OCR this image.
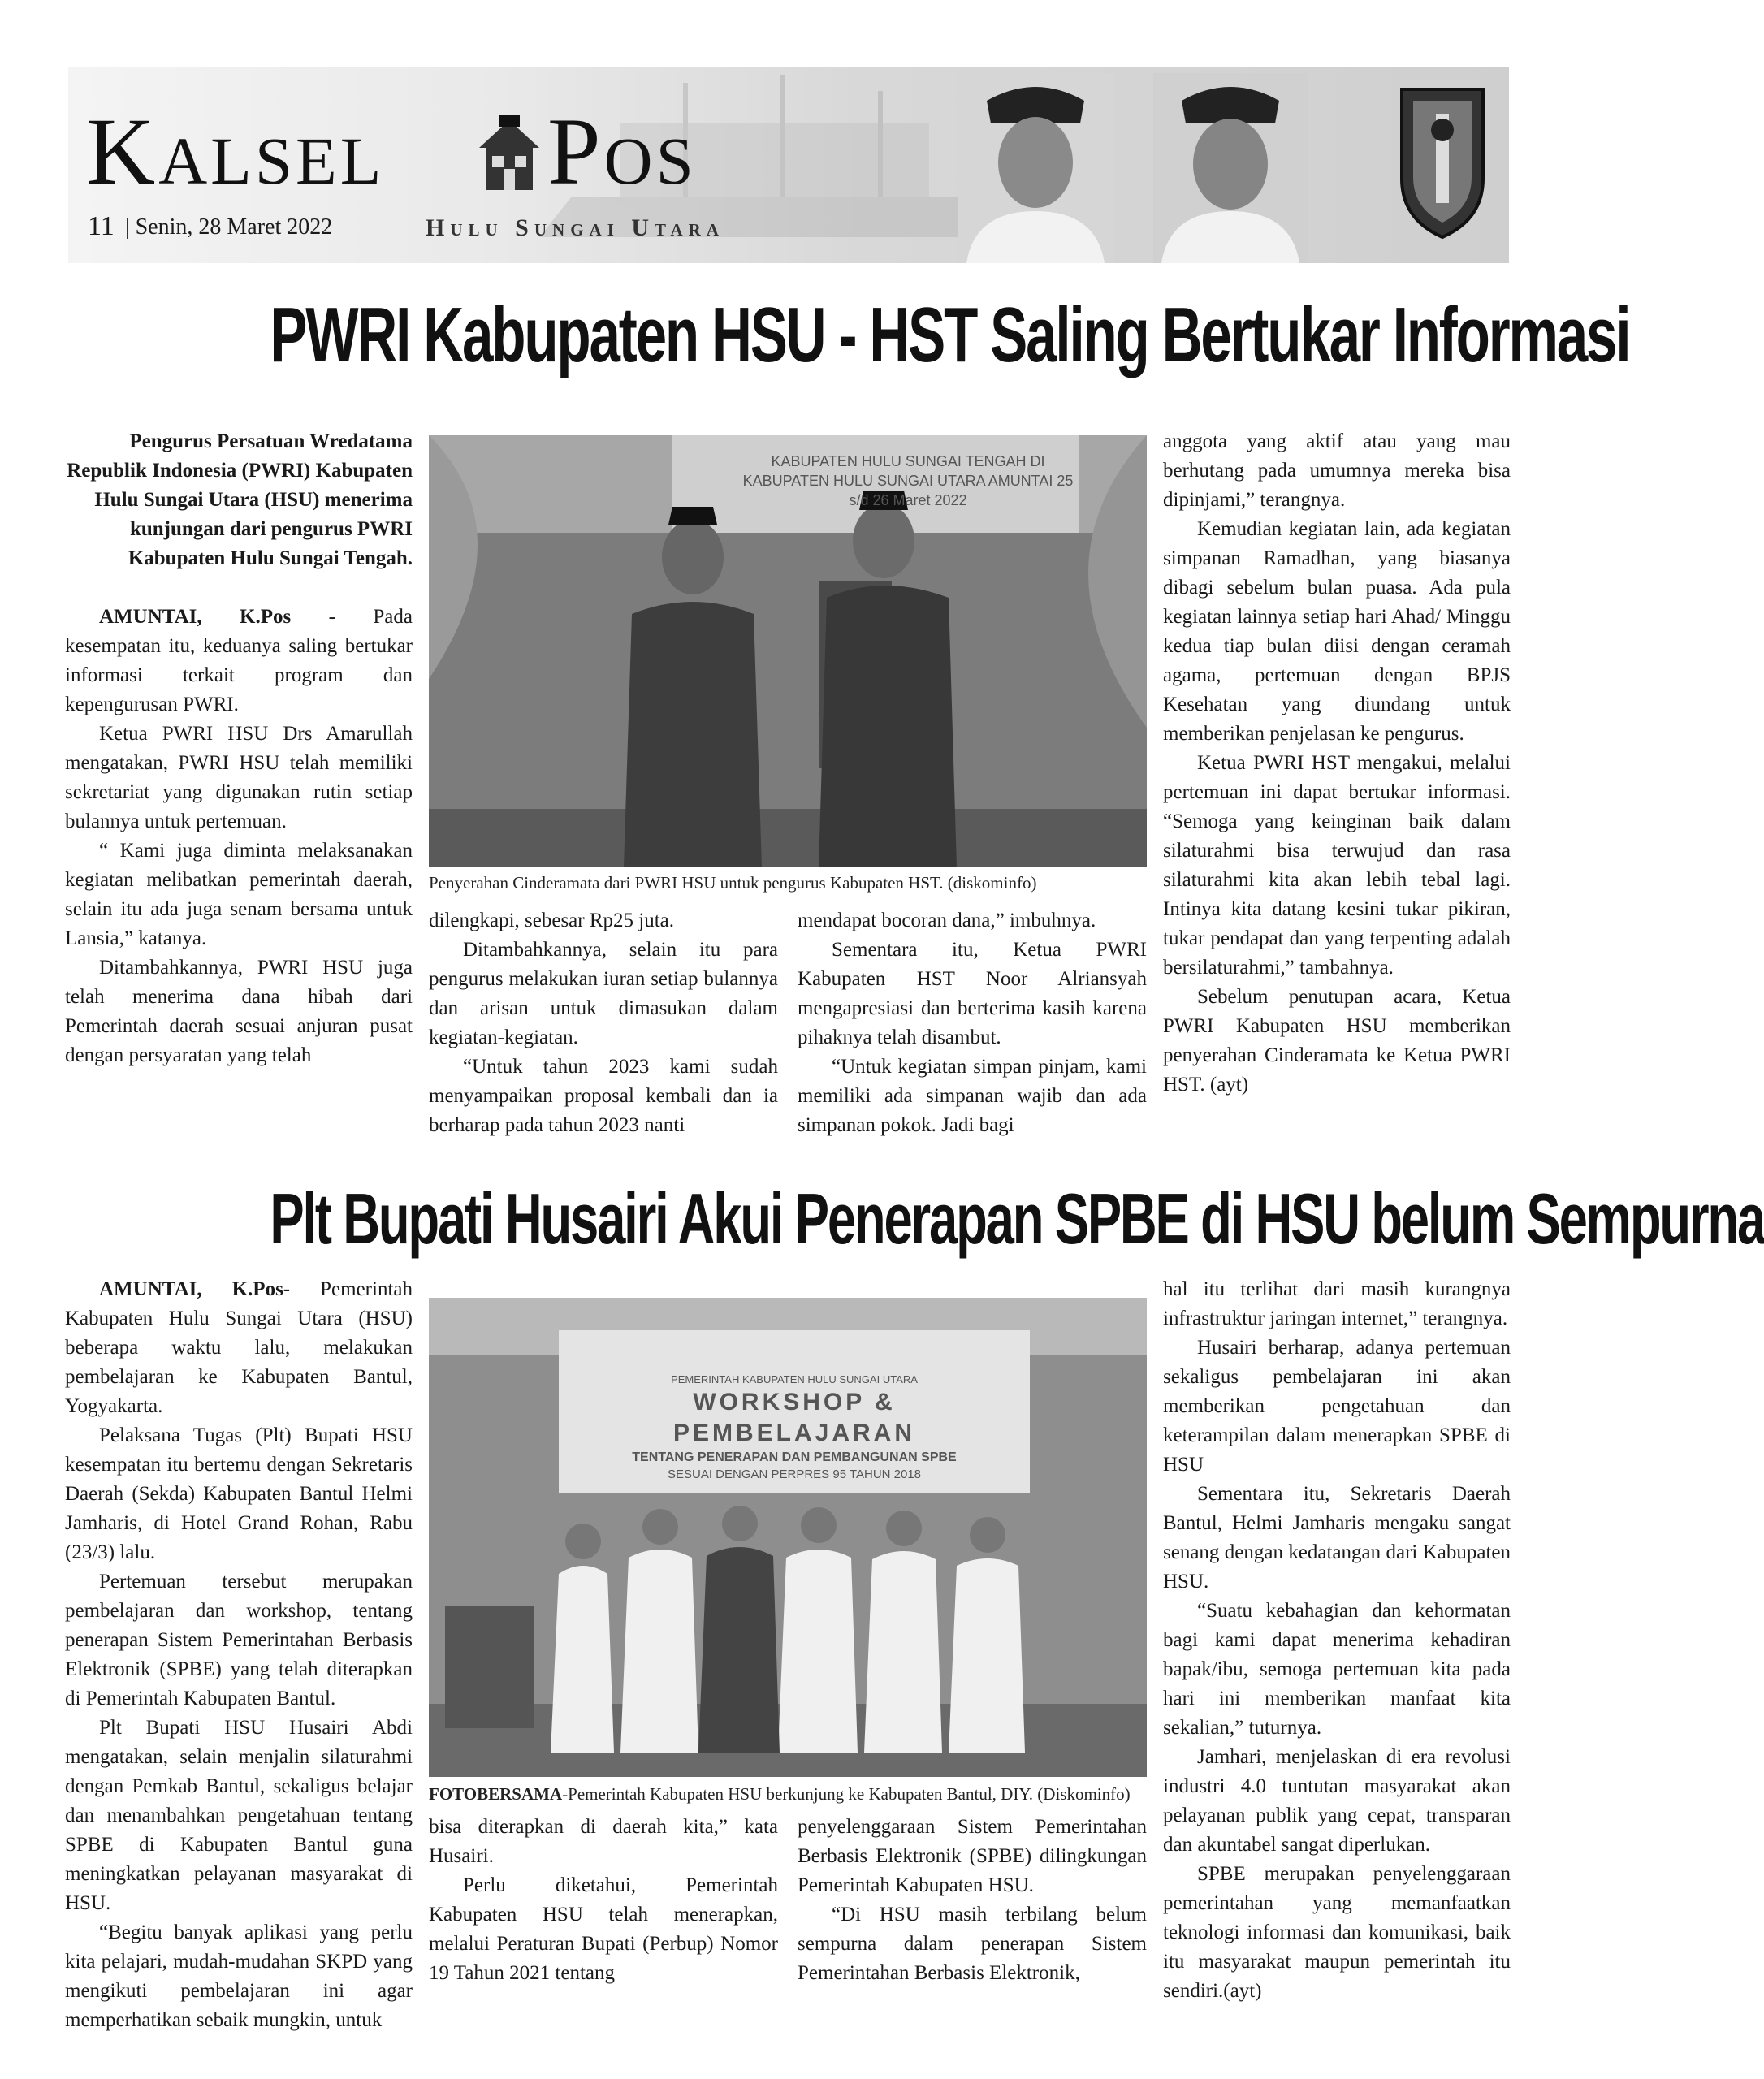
Kalsel Pos
11 | Senin, 28 Maret 2022	Hulu Sungai Utara
PWRI Kabupaten HSU - HST Saling Bertukar Informasi
Pengurus Persatuan Wredatama Republik Indonesia (PWRI) Kabupaten Hulu Sungai Utara (HSU) menerima kunjungan dari pengurus PWRI Kabupaten Hulu Sungai Tengah.

AMUNTAI, K.Pos - Pada kesempatan itu, keduanya saling bertukar informasi terkait program dan kepengurusan PWRI.

Ketua PWRI HSU Drs Amarullah mengatakan, PWRI HSU telah memiliki sekretariat yang digunakan rutin setiap bulannya untuk pertemuan.

“ Kami juga diminta melaksanakan kegiatan melibatkan pemerintah daerah, selain itu ada juga senam bersama untuk Lansia,” katanya.

Ditambahkannya, PWRI HSU juga telah menerima dana hibah dari Pemerintah daerah sesuai anjuran pusat dengan persyaratan yang telah

KABUPATEN HULU SUNGAI TENGAH DI KABUPATEN HULU SUNGAI UTARA AMUNTAI 25 s/d 26 Maret 2022
Penyerahan Cinderamata dari PWRI HSU untuk pengurus Kabupaten HST. (diskominfo)

dilengkapi, sebesar Rp25 juta.

Ditambahkannya, selain itu para pengurus melakukan iuran setiap bulannya dan arisan untuk dimasukan dalam kegiatan-kegiatan.

“Untuk tahun 2023 kami sudah menyampaikan proposal kembali dan ia berharap pada tahun 2023 nanti

mendapat bocoran dana,” imbuhnya.

Sementara itu, Ketua PWRI Kabupaten HST Noor Alriansyah mengapresiasi dan berterima kasih karena pihaknya telah disambut.

“Untuk kegiatan simpan pinjam, kami memiliki ada simpanan wajib dan ada simpanan pokok. Jadi bagi

anggota yang aktif atau yang mau berhutang pada umumnya mereka bisa dipinjami,” terangnya.

Kemudian kegiatan lain, ada kegiatan simpanan Ramadhan, yang biasanya dibagi sebelum bulan puasa. Ada pula kegiatan lainnya setiap hari Ahad/ Minggu kedua tiap bulan diisi dengan ceramah agama, pertemuan dengan BPJS Kesehatan yang diundang untuk memberikan penjelasan ke pengurus.

Ketua PWRI HST mengakui, melalui pertemuan ini dapat bertukar informasi. “Semoga yang keinginan baik dalam silaturahmi bisa terwujud dan rasa silaturahmi kita akan lebih tebal lagi. Intinya kita datang kesini tukar pikiran, tukar pendapat dan yang terpenting adalah bersilaturahmi,” tambahnya.

Sebelum penutupan acara, Ketua PWRI Kabupaten HSU memberikan penyerahan Cinderamata ke Ketua PWRI HST. (ayt)

Plt Bupati Husairi Akui Penerapan SPBE di HSU belum Sempurna

AMUNTAI, K.Pos- Pemerintah Kabupaten Hulu Sungai Utara (HSU) beberapa waktu lalu, melakukan pembelajaran ke Kabupaten Bantul, Yogyakarta.

Pelaksana Tugas (Plt) Bupati HSU kesempatan itu bertemu dengan Sekretaris Daerah (Sekda) Kabupaten Bantul Helmi Jamharis, di Hotel Grand Rohan, Rabu (23/3) lalu.

Pertemuan tersebut merupakan pembelajaran dan workshop, tentang penerapan Sistem Pemerintahan Berbasis Elektronik (SPBE) yang telah diterapkan di Pemerintah Kabupaten Bantul.

Plt Bupati HSU Husairi Abdi mengatakan, selain menjalin silaturahmi dengan Pemkab Bantul, sekaligus belajar dan menambahkan pengetahuan tentang SPBE di Kabupaten Bantul guna meningkatkan pelayanan masyarakat di HSU.

“Begitu banyak aplikasi yang perlu kita pelajari, mudah-mudahan SKPD yang mengikuti pembelajaran ini agar memperhatikan sebaik mungkin, untuk

PEMERINTAH KABUPATEN HULU SUNGAI UTARA
WORKSHOP & PEMBELAJARAN
TENTANG PENERAPAN DAN PEMBANGUNAN SPBE
SESUAI DENGAN PERPRES 95 TAHUN 2018
FOTOBERSAMA-Pemerintah Kabupaten HSU berkunjung ke Kabupaten Bantul, DIY. (Diskominfo)

bisa diterapkan di daerah kita,” kata Husairi.

Perlu diketahui, Pemerintah Kabupaten HSU telah menerapkan, melalui Peraturan Bupati (Perbup) Nomor 19 Tahun 2021 tentang

penyelenggaraan Sistem Pemerintahan Berbasis Elektronik (SPBE) dilingkungan Pemerintah Kabupaten HSU.

“Di HSU masih terbilang belum sempurna dalam penerapan Sistem Pemerintahan Berbasis Elektronik,

hal itu terlihat dari masih kurangnya infrastruktur jaringan internet,” terangnya.

Husairi berharap, adanya pertemuan sekaligus pembelajaran ini akan memberikan pengetahuan dan keterampilan dalam menerapkan SPBE di HSU

Sementara itu, Sekretaris Daerah Bantul, Helmi Jamharis mengaku sangat senang dengan kedatangan dari Kabupaten HSU.

“Suatu kebahagian dan kehormatan bagi kami dapat menerima kehadiran bapak/ibu, semoga pertemuan kita pada hari ini memberikan manfaat kita sekalian,” tuturnya.

Jamhari, menjelaskan di era revolusi industri 4.0 tuntutan masyarakat akan pelayanan publik yang cepat, transparan dan akuntabel sangat diperlukan.

SPBE merupakan penyelenggaraan pemerintahan yang memanfaatkan teknologi informasi dan komunikasi, baik itu masyarakat maupun pemerintah itu sendiri.(ayt)
